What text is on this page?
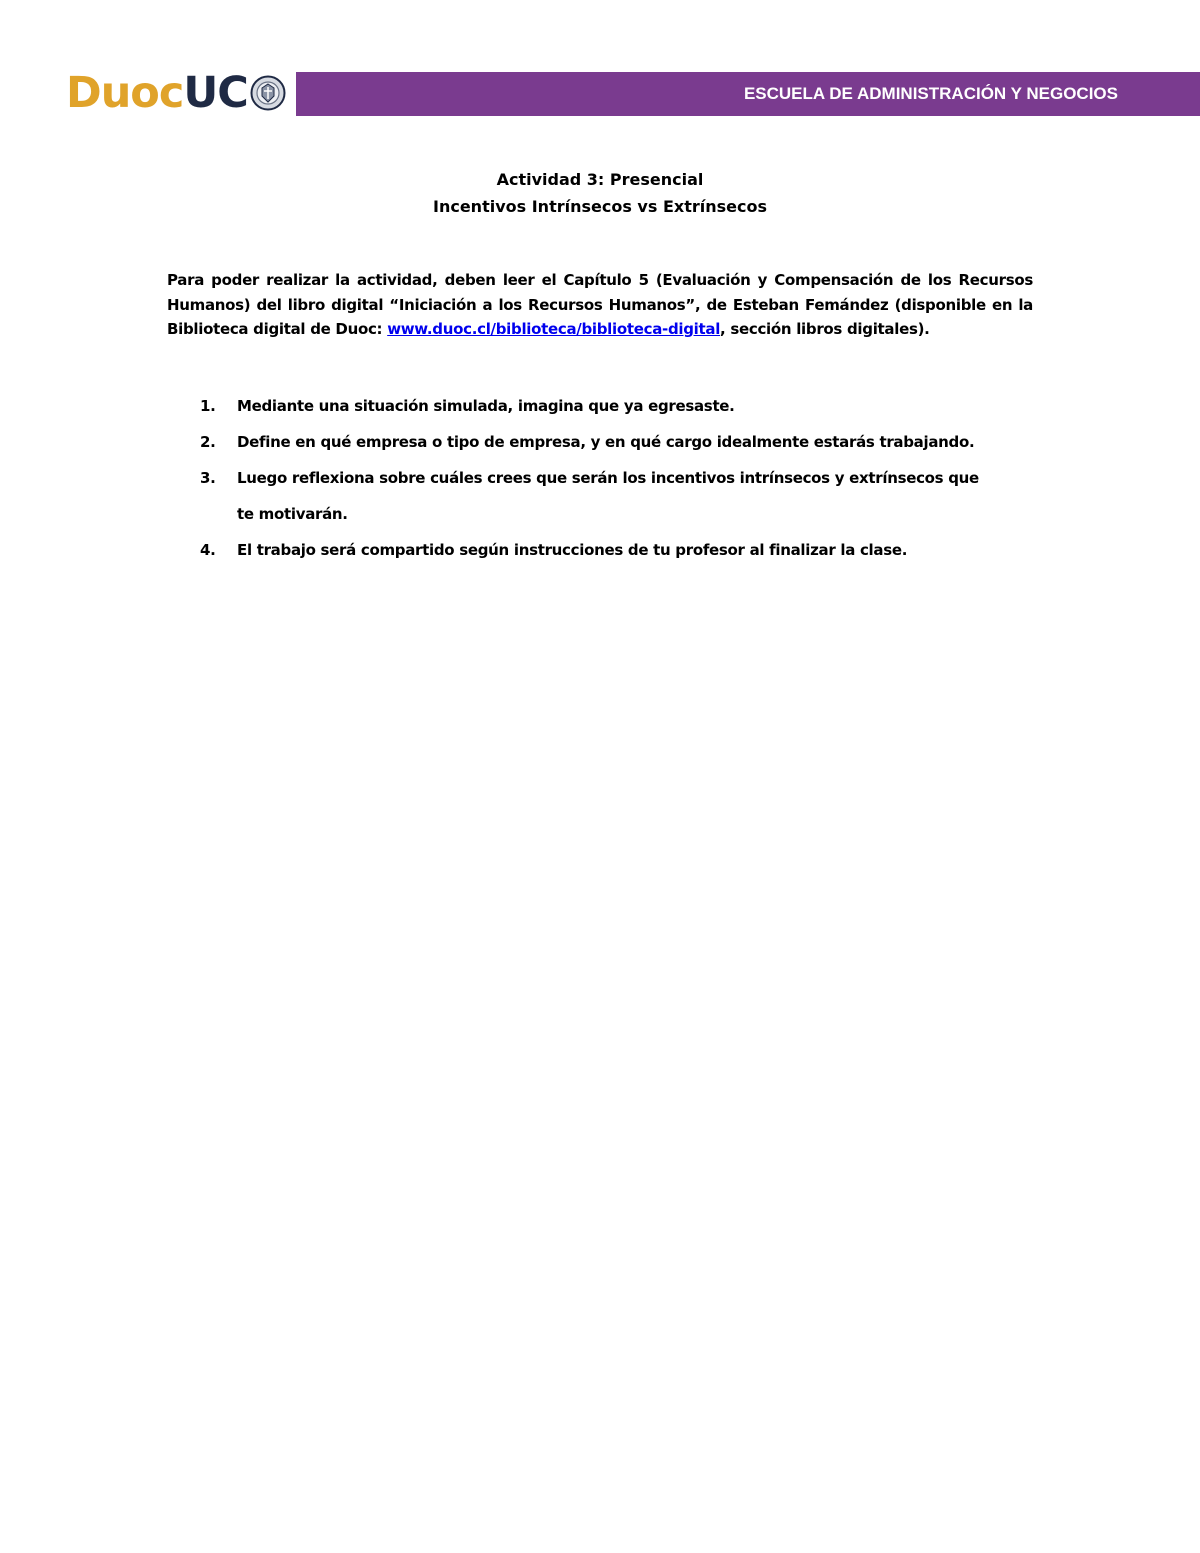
Duoc UC	ESCUELA DE ADMINISTRACIÓN Y NEGOCIOS
Actividad 3: Presencial
Incentivos Intrínsecos vs Extrínsecos

Para poder realizar la actividad, deben leer el Capítulo 5 (Evaluación y Compensación de los Recursos Humanos) del libro digital “Iniciación a los Recursos Humanos”, de Esteban Femández (disponible en la Biblioteca digital de Duoc: www.duoc.cl/biblioteca/biblioteca-digital, sección libros digitales).

1.	Mediante una situación simulada, imagina que ya egresaste.
2.	Define en qué empresa o tipo de empresa, y en qué cargo idealmente estarás trabajando.
3.	Luego reflexiona sobre cuáles crees que serán los incentivos intrínsecos y extrínsecos que te motivarán.
4.	El trabajo será compartido según instrucciones de tu profesor al finalizar la clase.
